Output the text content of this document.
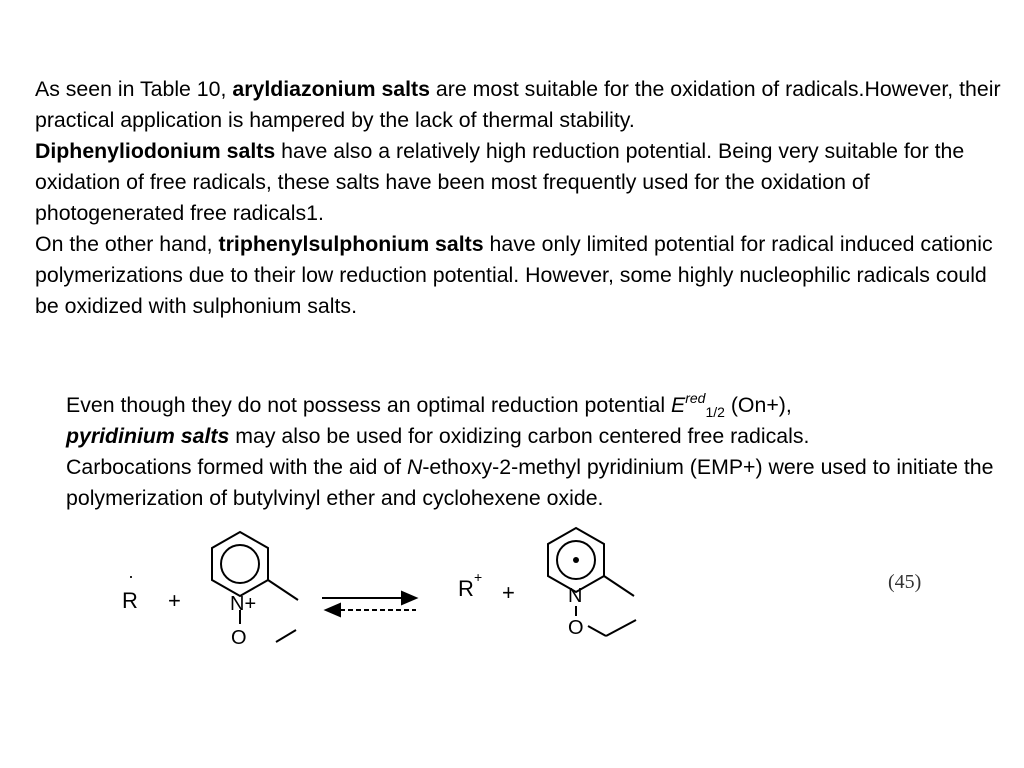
As seen in Table 10, aryldiazonium salts are most suitable for the oxidation of radicals.However, their practical application is hampered by the lack of thermal stability.

Diphenyliodonium salts have also a relatively high reduction potential. Being very suitable for the oxidation of free radicals, these salts have been most frequently used for the oxidation of photogenerated free radicals1.

On the other hand, triphenylsulphonium salts have only limited potential for radical induced cationic polymerizations due to their low reduction potential. However, some highly nucleophilic radicals could be oxidized with sulphonium salts.

Even though they do not possess an optimal reduction potential $E^{red}_{1/2}$ (On+),

pyridinium salts may also be used for oxidizing carbon centered free radicals.

Carbocations formed with the aid of N-ethoxy-2-methyl pyridinium (EMP+) were used to initiate the polymerization of butylvinyl ether and cyclohexene oxide.

·
R + N+
O
R +
+	N
O
(45)
